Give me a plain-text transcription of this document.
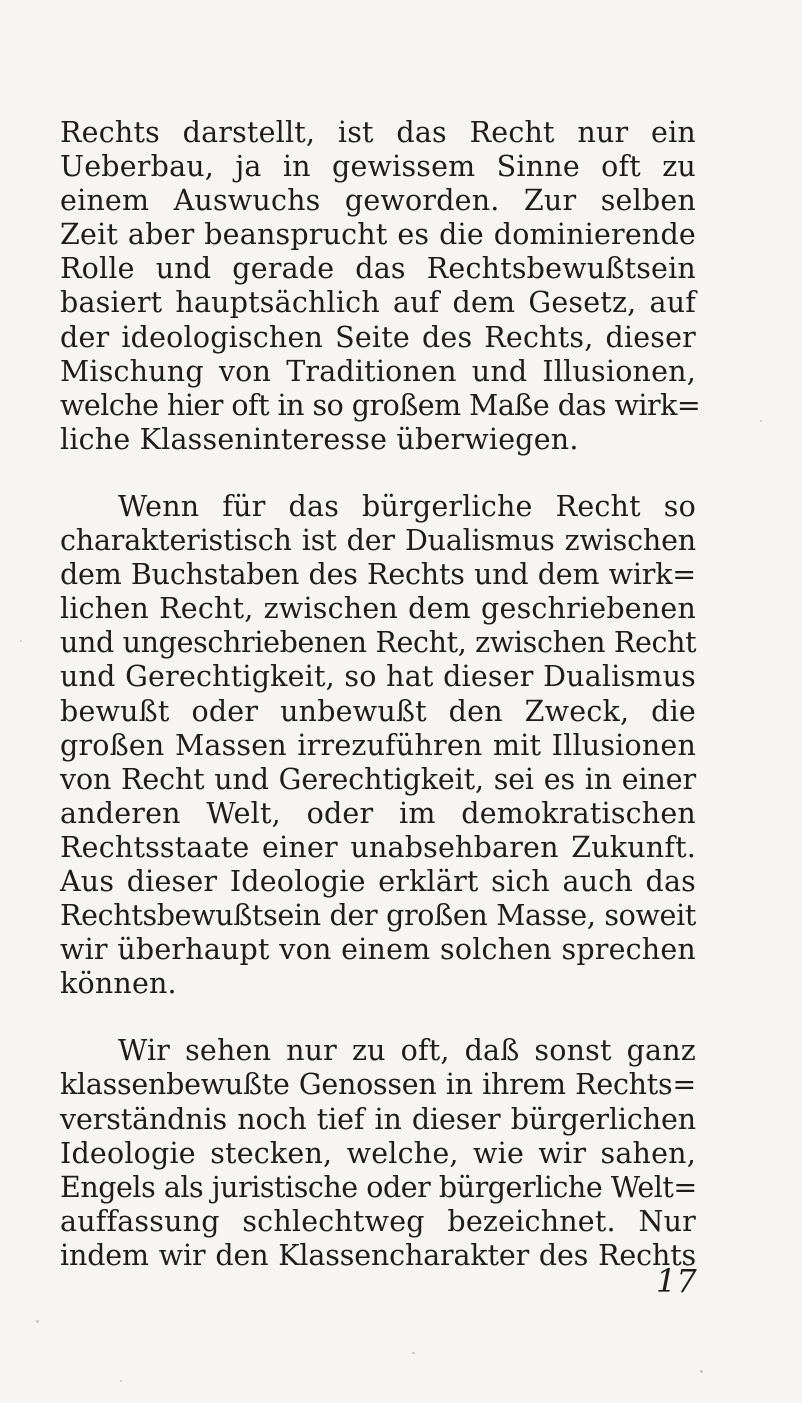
Rechts darstellt, ist das Recht nur ein
Ueberbau, ja in gewissem Sinne oft zu
einem Auswuchs geworden. Zur selben
Zeit aber beansprucht es die dominierende
Rolle und gerade das Rechtsbewußtsein
basiert hauptsächlich auf dem Gesetz, auf
der ideologischen Seite des Rechts, dieser
Mischung von Traditionen und Illusionen,
welche hier oft in so großem Maße das wirk=
liche Klasseninteresse überwiegen.
Wenn für das bürgerliche Recht so
charakteristisch ist der Dualismus zwischen
dem Buchstaben des Rechts und dem wirk=
lichen Recht, zwischen dem geschriebenen
und ungeschriebenen Recht, zwischen Recht
und Gerechtigkeit, so hat dieser Dualismus
bewußt oder unbewußt den Zweck, die
großen Massen irrezuführen mit Illusionen
von Recht und Gerechtigkeit, sei es in einer
anderen Welt, oder im demokratischen
Rechtsstaate einer unabsehbaren Zukunft.
Aus dieser Ideologie erklärt sich auch das
Rechtsbewußtsein der großen Masse, soweit
wir überhaupt von einem solchen sprechen
können.
Wir sehen nur zu oft, daß sonst ganz
klassenbewußte Genossen in ihrem Rechts=
verständnis noch tief in dieser bürgerlichen
Ideologie stecken, welche, wie wir sahen,
Engels als juristische oder bürgerliche Welt=
auffassung schlechtweg bezeichnet. Nur
indem wir den Klassencharakter des Rechts
17
